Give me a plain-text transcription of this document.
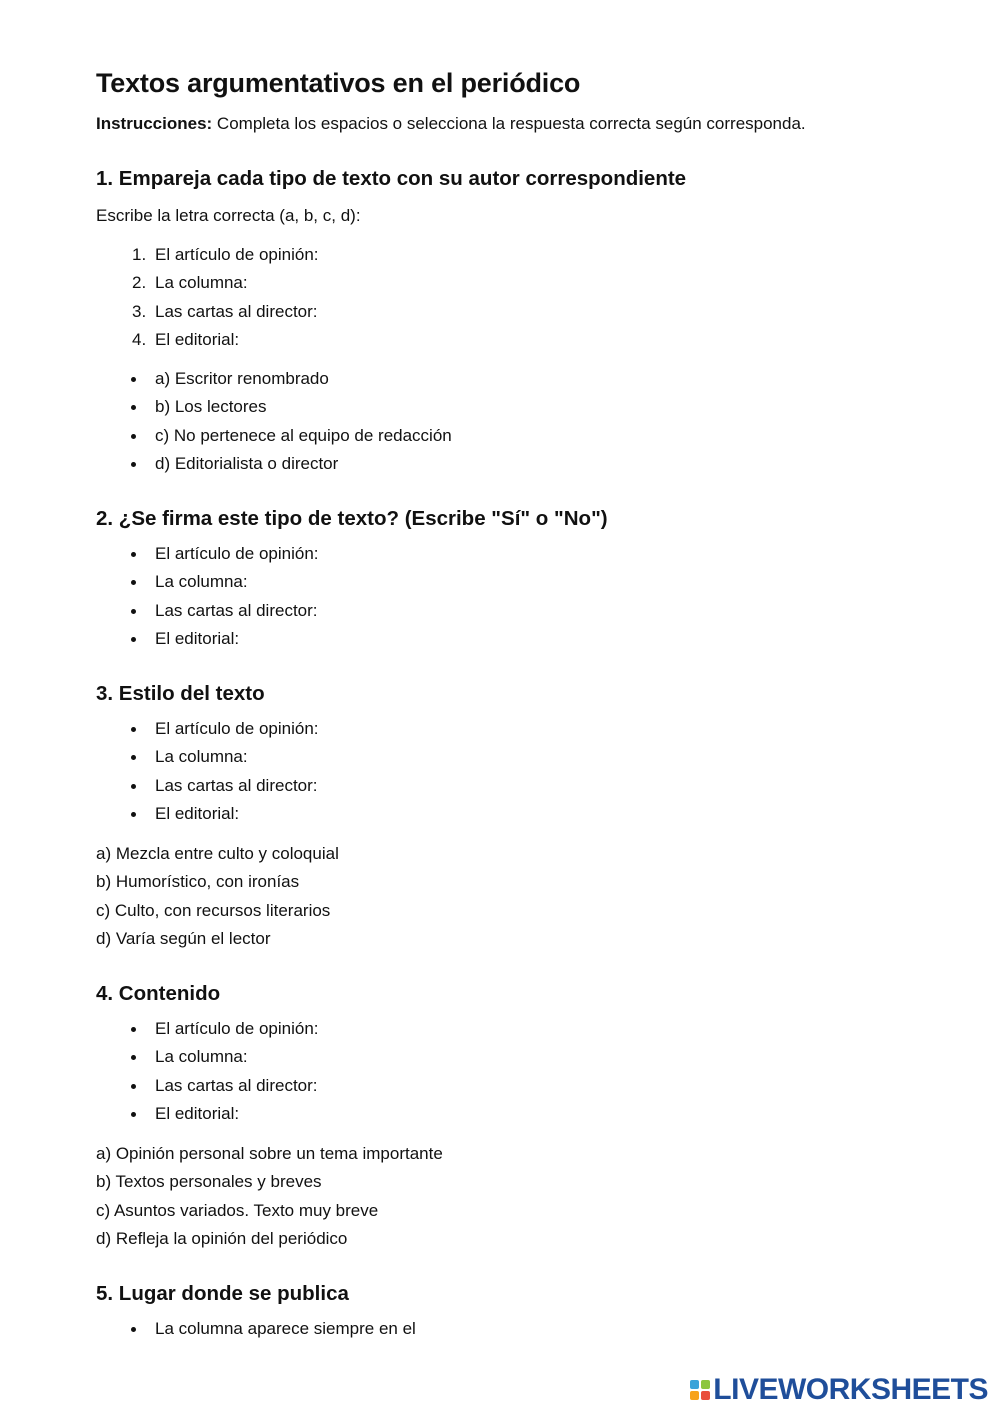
Textos argumentativos en el periódico
Instrucciones: Completa los espacios o selecciona la respuesta correcta según corresponda.
1. Empareja cada tipo de texto con su autor correspondiente
Escribe la letra correcta (a, b, c, d):
1. El artículo de opinión:
2. La columna:
3. Las cartas al director:
4. El editorial:
a) Escritor renombrado
b) Los lectores
c) No pertenece al equipo de redacción
d) Editorialista o director
2. ¿Se firma este tipo de texto? (Escribe "Sí" o "No")
El artículo de opinión:
La columna:
Las cartas al director:
El editorial:
3. Estilo del texto
El artículo de opinión:
La columna:
Las cartas al director:
El editorial:
a) Mezcla entre culto y coloquial
b) Humorístico, con ironías
c) Culto, con recursos literarios
d) Varía según el lector
4. Contenido
El artículo de opinión:
La columna:
Las cartas al director:
El editorial:
a) Opinión personal sobre un tema importante
b) Textos personales y breves
c) Asuntos variados. Texto muy breve
d) Refleja la opinión del periódico
5. Lugar donde se publica
La columna aparece siempre en el
LIVEWORKSHEETS
